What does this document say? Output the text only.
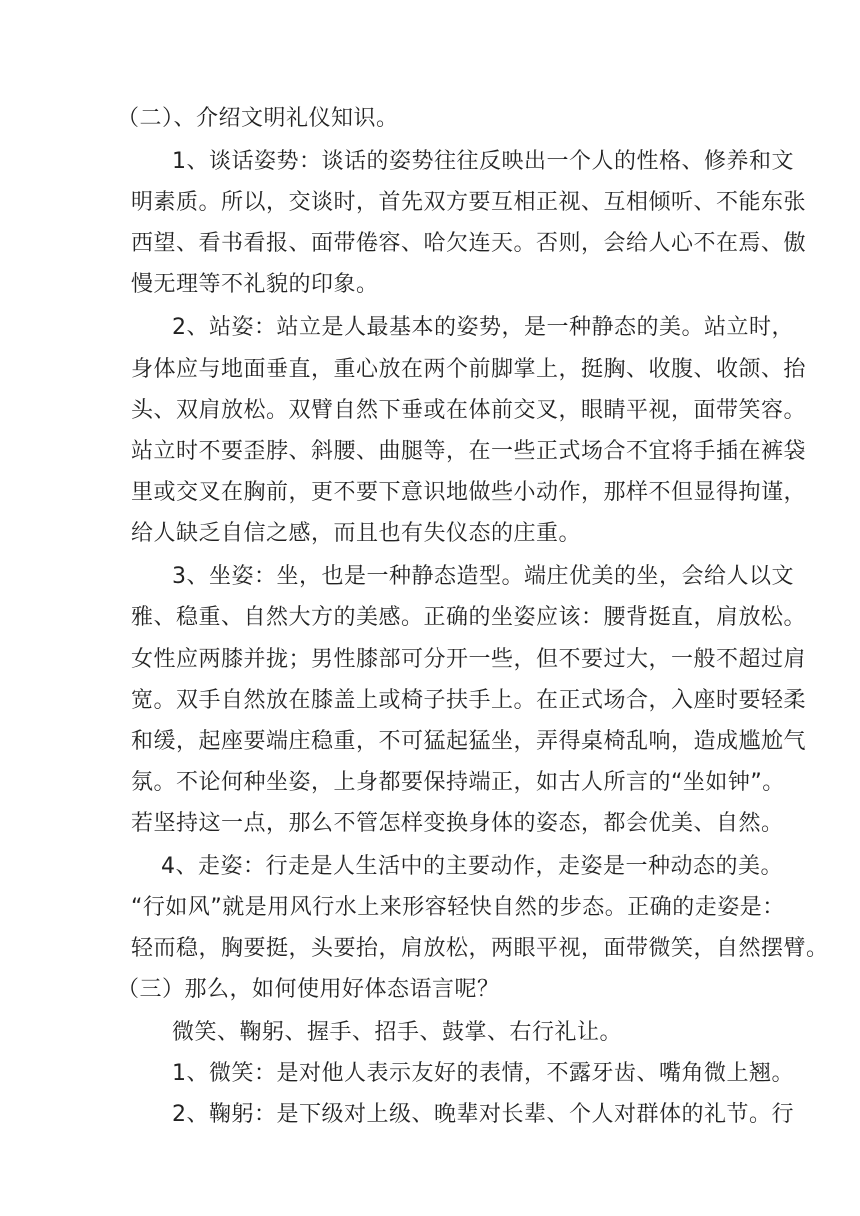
（二）、介绍文明礼仪知识。
1、谈话姿势：谈话的姿势往往反映出一个人的性格、修养和文
明素质。所以，交谈时，首先双方要互相正视、互相倾听、不能东张
西望、看书看报、面带倦容、哈欠连天。否则，会给人心不在焉、傲
慢无理等不礼貌的印象。
2、站姿：站立是人最基本的姿势，是一种静态的美。站立时，
身体应与地面垂直，重心放在两个前脚掌上，挺胸、收腹、收颌、抬
头、双肩放松。双臂自然下垂或在体前交叉，眼睛平视，面带笑容。
站立时不要歪脖、斜腰、曲腿等，在一些正式场合不宜将手插在裤袋
里或交叉在胸前，更不要下意识地做些小动作，那样不但显得拘谨，
给人缺乏自信之感，而且也有失仪态的庄重。
3、坐姿：坐，也是一种静态造型。端庄优美的坐，会给人以文
雅、稳重、自然大方的美感。正确的坐姿应该：腰背挺直，肩放松。
女性应两膝并拢；男性膝部可分开一些，但不要过大，一般不超过肩
宽。双手自然放在膝盖上或椅子扶手上。在正式场合，入座时要轻柔
和缓，起座要端庄稳重，不可猛起猛坐，弄得桌椅乱响，造成尴尬气
氛。不论何种坐姿，上身都要保持端正，如古人所言的“坐如钟”。
若坚持这一点，那么不管怎样变换身体的姿态，都会优美、自然。
4、走姿：行走是人生活中的主要动作，走姿是一种动态的美。
“行如风”就是用风行水上来形容轻快自然的步态。正确的走姿是：
轻而稳，胸要挺，头要抬，肩放松，两眼平视，面带微笑，自然摆臂。
（三）那么，如何使用好体态语言呢？
微笑、鞠躬、握手、招手、鼓掌、右行礼让。
1、微笑：是对他人表示友好的表情，不露牙齿、嘴角微上翘。
2、鞠躬：是下级对上级、晚辈对长辈、个人对群体的礼节。行
